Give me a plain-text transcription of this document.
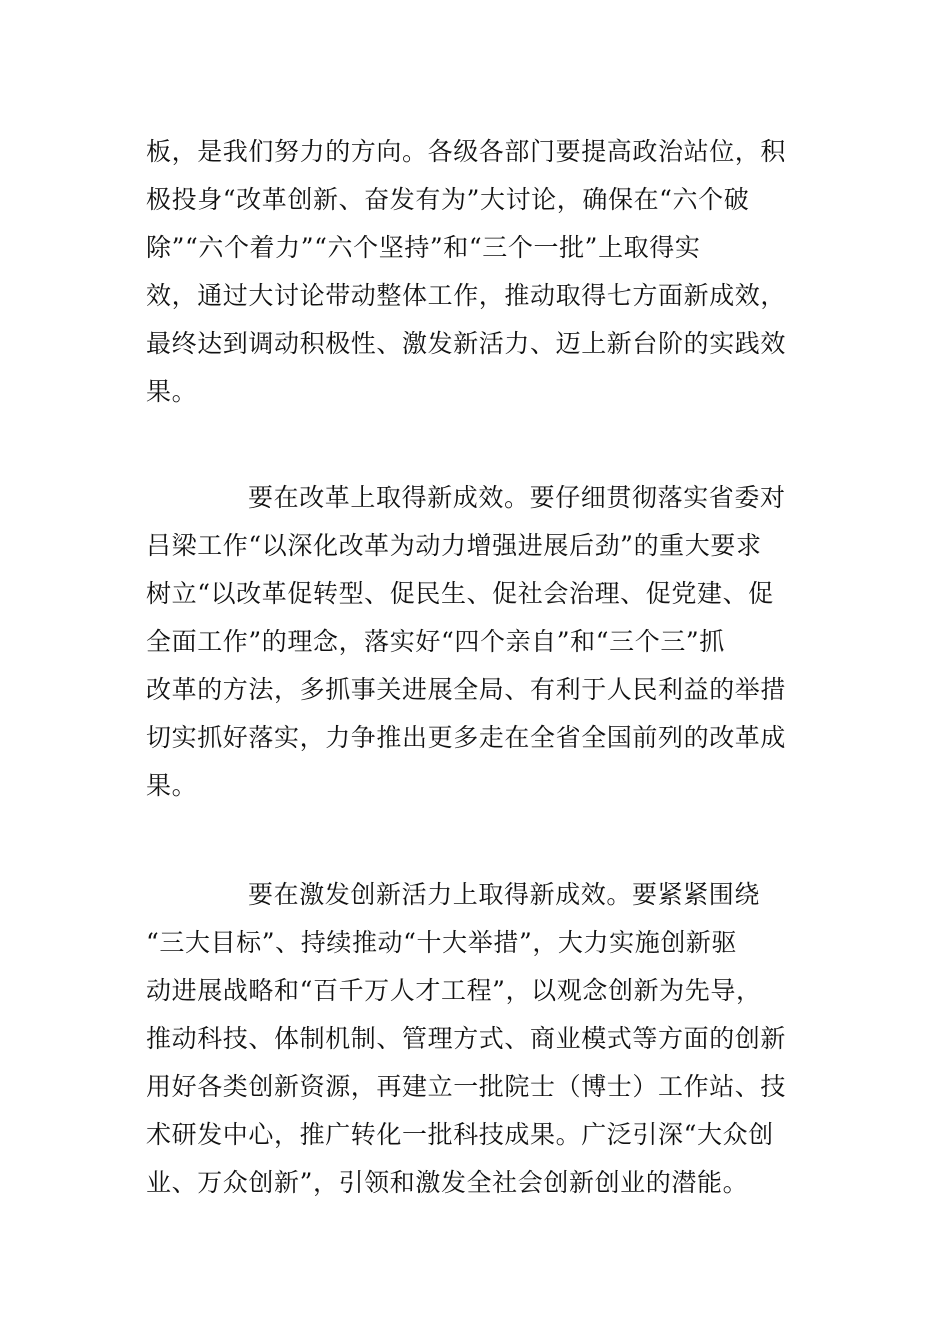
板，是我们努力的方向。各级各部门要提高政治站位，积
极投身“改革创新、奋发有为”大讨论，确保在“六个破
除”“六个着力”“六个坚持”和“三个一批”上取得实
效，通过大讨论带动整体工作，推动取得七方面新成效，
最终达到调动积极性、激发新活力、迈上新台阶的实践效
果。
要在改革上取得新成效。要仔细贯彻落实省委对
吕梁工作“以深化改革为动力增强进展后劲”的重大要求
树立“以改革促转型、促民生、促社会治理、促党建、促
全面工作”的理念，落实好“四个亲自”和“三个三”抓
改革的方法，多抓事关进展全局、有利于人民利益的举措
切实抓好落实，力争推出更多走在全省全国前列的改革成
果。
要在激发创新活力上取得新成效。要紧紧围绕
“三大目标”、持续推动“十大举措”，大力实施创新驱
动进展战略和“百千万人才工程”，以观念创新为先导，
推动科技、体制机制、管理方式、商业模式等方面的创新
用好各类创新资源，再建立一批院士（博士）工作站、技
术研发中心，推广转化一批科技成果。广泛引深“大众创
业、万众创新”，引领和激发全社会创新创业的潜能。
